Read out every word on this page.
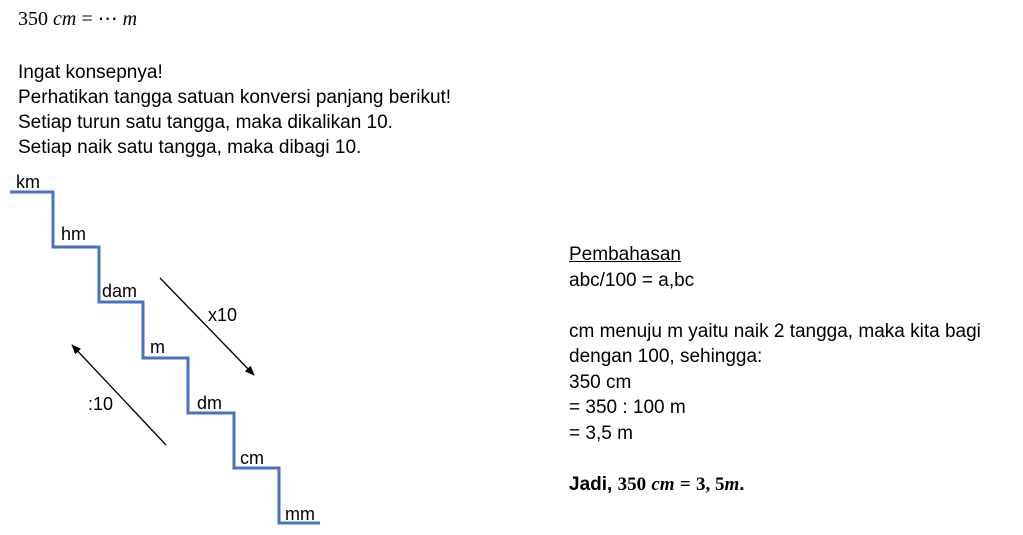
350 cm = ⋯ m
Ingat konsepnya!
Perhatikan tangga satuan konversi panjang berikut!
Setiap turun satu tangga, maka dikalikan 10.
Setiap naik satu tangga, maka dibagi 10.
km
hm
dam
m
dm
cm
mm
x10
:10
Pembahasan
abc/100 = a,bc
cm menuju m yaitu naik 2 tangga, maka kita bagi
dengan 100, sehingga:
350 cm
= 350 : 100 m
= 3,5 m
Jadi, 350 cm = 3, 5m.
